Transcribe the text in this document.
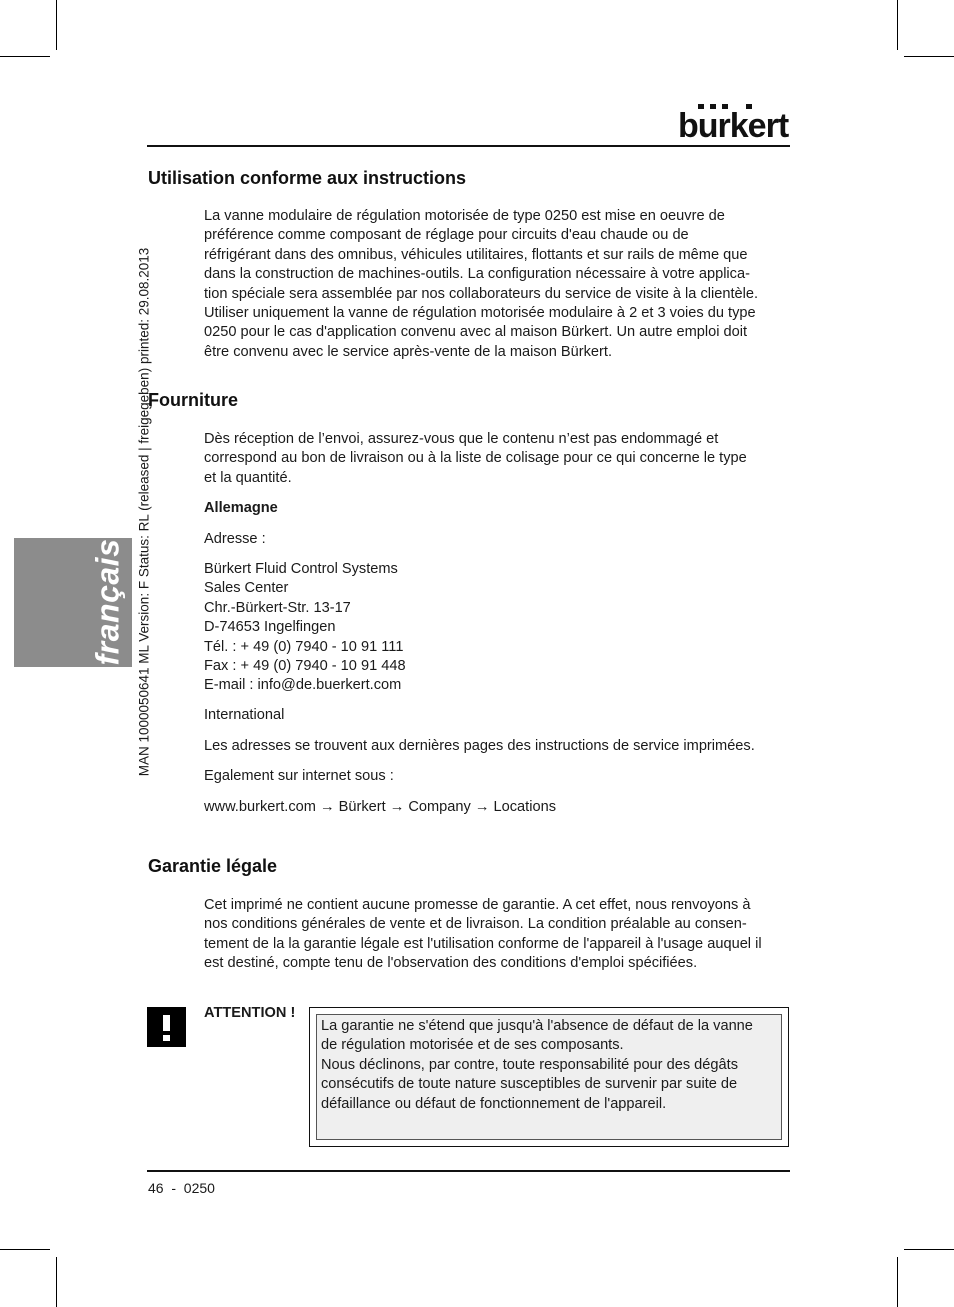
burkert
français MAN 1000050641 ML Version: F Status: RL (released | freigegeben) printed: 29.08.2013
Utilisation conforme aux instructions

La vanne modulaire de régulation motorisée de type 0250 est mise en oeuvre de

préférence comme composant de réglage pour circuits d'eau chaude ou de

réfrigérant dans des omnibus, véhicules utilitaires, flottants et sur rails de même que

dans la construction de machines-outils. La configuration nécessaire à votre applica-

tion spéciale sera assemblée par nos collaborateurs du service de visite à la clientèle.

Utiliser uniquement la vanne de régulation motorisée modulaire à 2 et 3 voies du type

0250 pour le cas d'application convenu avec al maison Bürkert. Un autre emploi doit

être convenu avec le service après-vente de la maison Bürkert.

Fourniture

Dès réception de l’envoi, assurez-vous que le contenu n’est pas endommagé et

correspond au bon de livraison ou à la liste de colisage pour ce qui concerne le type

et la quantité.

Allemagne

Adresse :

Bürkert Fluid Control Systems

Sales Center

Chr.-Bürkert-Str. 13-17

D-74653 Ingelfingen

Tél. : + 49 (0) 7940 - 10 91 111

Fax : + 49 (0) 7940 - 10 91 448

E-mail : info@de.buerkert.com

International

Les adresses se trouvent aux dernières pages des instructions de service imprimées.

Egalement sur internet sous :

www.burkert.com → Bürkert → Company → Locations

Garantie légale

Cet imprimé ne contient aucune promesse de garantie. A cet effet, nous renvoyons à

nos conditions générales de vente et de livraison. La condition préalable au consen-

tement de la la garantie légale est l'utilisation conforme de l'appareil à l'usage auquel il

est destiné, compte tenu de l'observation des conditions d'emploi spécifiées.

ATTENTION !

La garantie ne s'étend que jusqu'à l'absence de défaut de la vanne

de régulation motorisée et de ses composants.

Nous déclinons, par contre, toute responsabilité pour des dégâts

consécutifs de toute nature susceptibles de survenir par suite de

défaillance ou défaut de fonctionnement de l'appareil.

46  -  0250
